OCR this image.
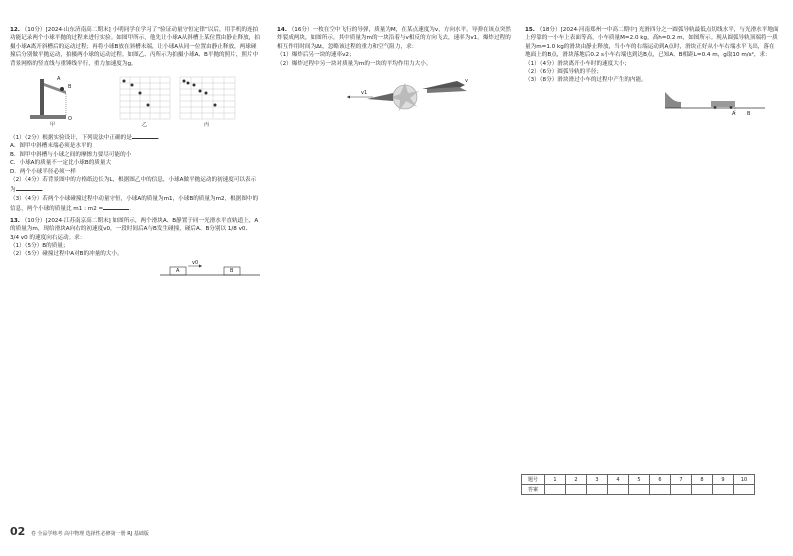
12. （10分）[2024·山东济南高二期末] 小明同学在学习了“验证动量守恒定律”以后，用手机的连拍功能记录两个小球平抛的过程来进行实验。如图甲所示，他先让小球A从斜槽上某位置由静止释放，拍摄小球A离开斜槽后的运动过程；再将小球B放在斜槽末端，让小球A从同一位置由静止释放，两球碰撞后分别做平抛运动，拍摄两小球的运动过程。如图乙、丙所示为拍摄小球A、B平抛的照片，照片中背景网格的竖直线与重锤线平行，重力加速度为g。

甲
O
乙	丙
A
B

（1）（2分）根据实验设计，下列说法中正确的是	.

A．图甲中斜槽末端必须是水平的

B．图甲中斜槽与小球之间的摩擦力要尽可能的小

C．小球A的质量不一定比小球B的质量大

D．两个小球半径必须一样

（2）（4分）若背景图中的方格纸边长为L，根据图乙中的信息，小球A做平抛运动的初速度可以表示为	.

（3）（4分）若两个小球碰撞过程中动量守恒，小球A的质量为m1，小球B的质量为m2，根据图中的信息，两个小球的质量比 m1 : m2 =	.

13. （10分）[2024·江苏南京高二期末] 如图所示，两个滑块A、B静置于同一光滑水平直轨道上，A的质量为m，现给滑块A向右的初速度v0，一段时间后A与B发生碰撞，碰后A、B分别以 1/8 v0、3/4 v0 的速度向右运动。求：

（1）（5分）B的质量；

（2）（5分）碰撞过程中A对B的冲量的大小。

A
v0
B

14. （16分）一枚在空中飞行的导弹，质量为M，在某点速度为v，方向水平，导弹在该点突然炸裂成两块，如图所示，其中质量为m的一块沿着与v相反的方向飞去，速率为v1。爆炸过程的相互作用时间为Δt，忽略该过程的重力和空气阻力，求：

（1）爆炸后另一块的速率v2；

（2）爆炸过程中另一块对质量为m的一块的平均作用力大小。

v1
v

15. （18分）[2024·河南郑州一中高二期中] 光滑四分之一圆弧导轨最低点切线水平，与光滑水平地面上停靠的一小车上表面等高，小车质量M=2.0 kg，高h=0.2 m，如图所示。现从圆弧导轨顶端将一质量为m=1.0 kg的滑块由静止释放，当小车的右端运动到A点时，滑块正好从小车右端水平飞出，落在地面上的B点，滑块落地后0.2 s小车右端也到达B点，已知A、B相距L=0.4 m，g取10 m/s²，求：

（1）（4分）滑块离开小车时的速度大小；

（2）（6分）圆弧导轨的半径；

（3）（8分）滑块滑过小车的过程中产生的内能。

A B
题号	1	2	3	4	5	6	7	8	9	10
答案										
02 卷 全品学练考 高中物理 选择性必修第一册 RJ 基础版
